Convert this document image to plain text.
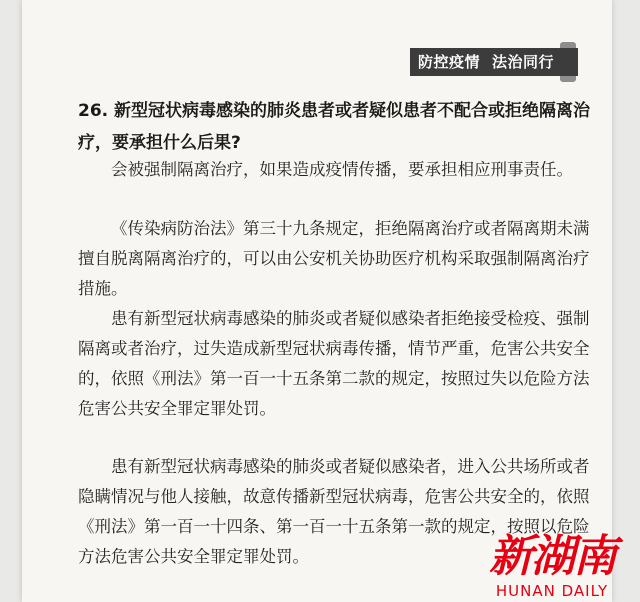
防控疫情 法治同行
26. 新型冠状病毒感染的肺炎患者或者疑似患者不配合或拒绝隔离治疗，要承担什么后果?

会被强制隔离治疗，如果造成疫情传播，要承担相应刑事责任。

《传染病防治法》第三十九条规定，拒绝隔离治疗或者隔离期未满擅自脱离隔离治疗的，可以由公安机关协助医疗机构采取强制隔离治疗措施。

患有新型冠状病毒感染的肺炎或者疑似感染者拒绝接受检疫、强制隔离或者治疗，过失造成新型冠状病毒传播，情节严重，危害公共安全的，依照《刑法》第一百一十五条第二款的规定，按照过失以危险方法危害公共安全罪定罪处罚。

患有新型冠状病毒感染的肺炎或者疑似感染者，进入公共场所或者隐瞒情况与他人接触，故意传播新型冠状病毒，危害公共安全的，依照《刑法》第一百一十四条、第一百一十五条第一款的规定，按照以危险方法危害公共安全罪定罪处罚。	新湖南
HUNAN DAILY
